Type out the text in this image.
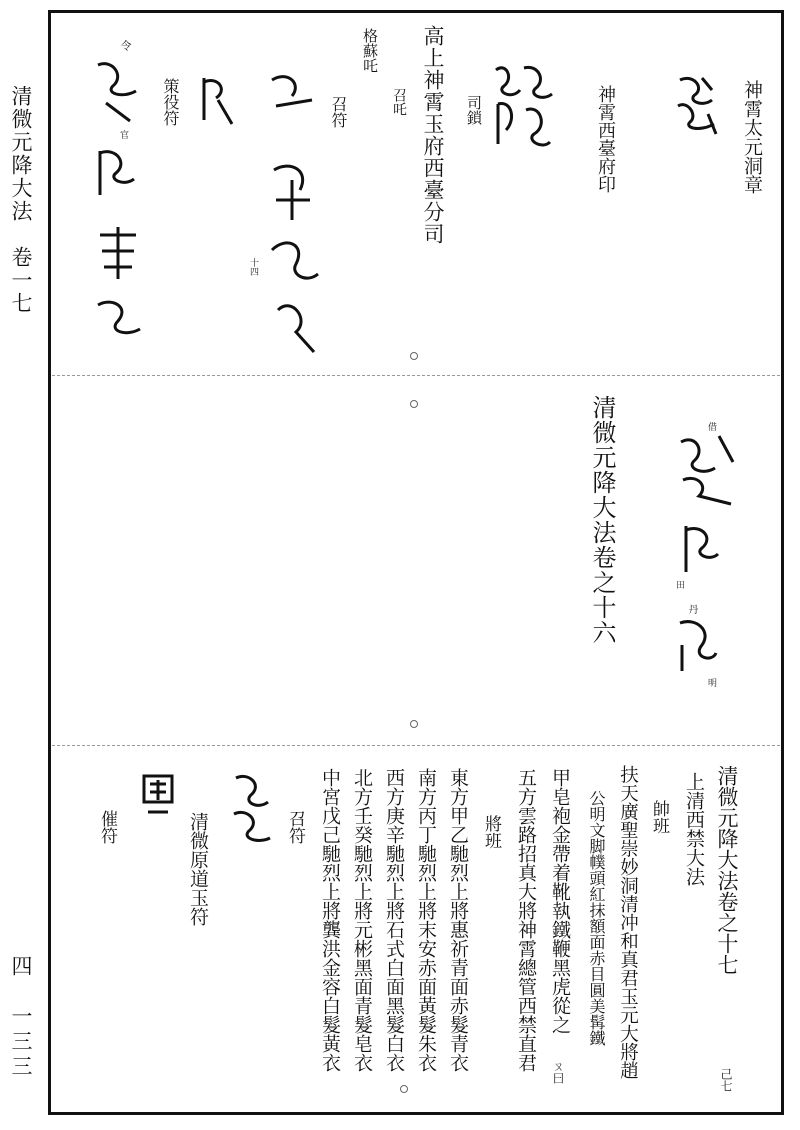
清微元降大法　卷一七
四　一三三
神霄太元洞章
神霄西臺府印
司鎖
高上神霄玉府西臺分司
格蘇吒
召吒
十四
召符
策役符
令
官
清微元降大法卷之十六	借
田
丹
明
清微元降大法卷之十七
上清西禁大法
帥班
扶天廣聖崇妙洞清冲和真君玉元大將趙
公明文脚幞頭紅抹額面赤目圓美髯鐵
甲皂袍金帶着靴執鐵鞭黑虎從之
ㄡ曰
五方雲路招真大將神霄總管西禁直君
將班
東方甲乙馳烈上將惠祈青面赤髮青衣
南方丙丁馳烈上將末安赤面黃髮朱衣
西方庚辛馳烈上將石式白面黑髮白衣
北方壬癸馳烈上將元彬黑面青髮皂衣
中宮戊己馳烈上將龔洪金容白髮黃衣
召符
清微原道玉符
催符
己七
